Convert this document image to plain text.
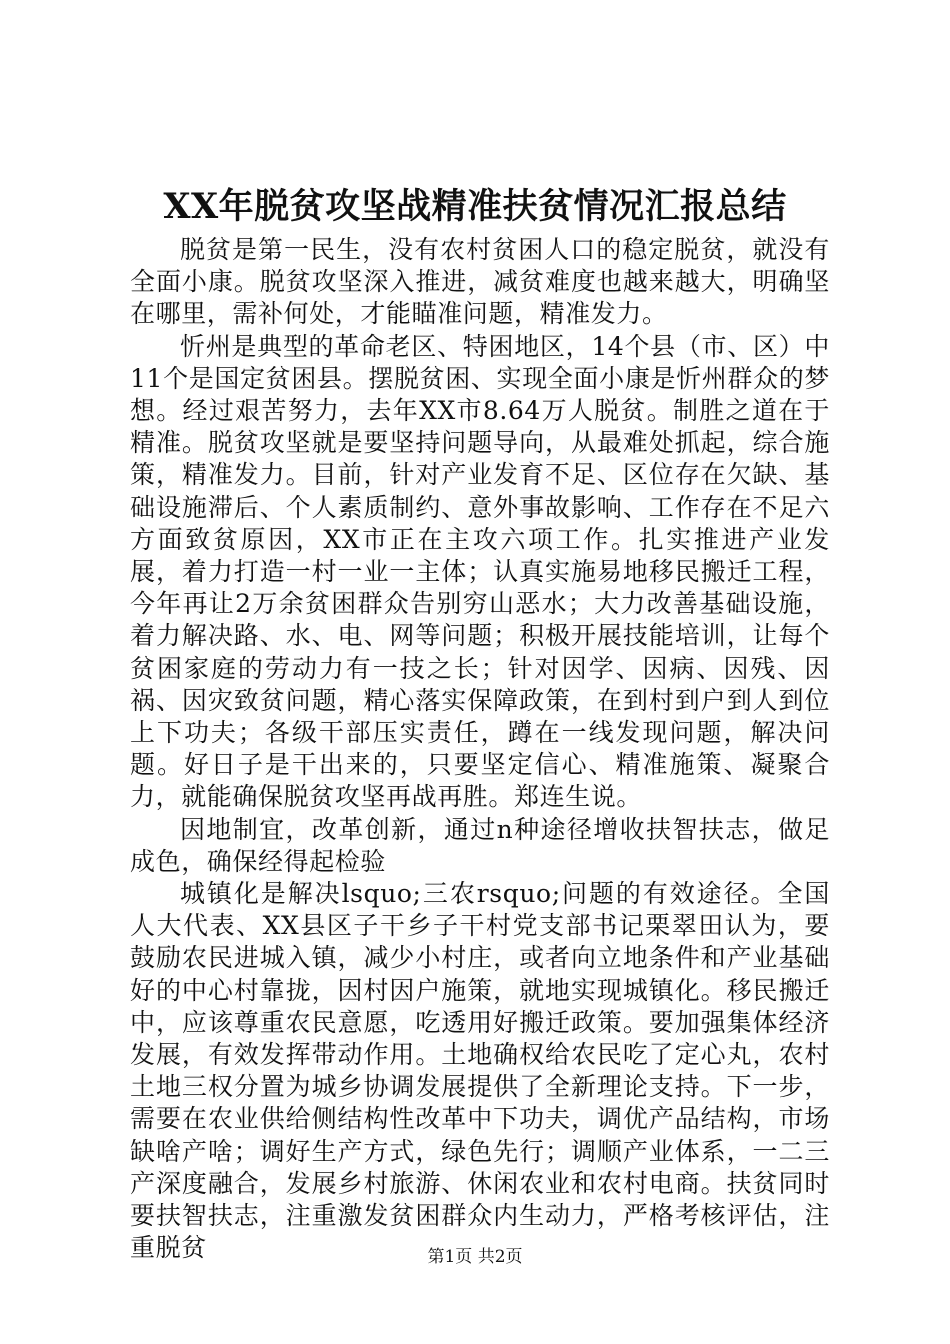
XX年脱贫攻坚战精准扶贫情况汇报总结

脱贫是第一民生，没有农村贫困人口的稳定脱贫，就没有全面小康。脱贫攻坚深入推进，减贫难度也越来越大，明确坚在哪里，需补何处，才能瞄准问题，精准发力。

忻州是典型的革命老区、特困地区，14个县（市、区）中11个是国定贫困县。摆脱贫困、实现全面小康是忻州群众的梦想。经过艰苦努力，去年XX市8.64万人脱贫。制胜之道在于精准。脱贫攻坚就是要坚持问题导向，从最难处抓起，综合施策，精准发力。目前，针对产业发育不足、区位存在欠缺、基础设施滞后、个人素质制约、意外事故影响、工作存在不足六方面致贫原因，XX市正在主攻六项工作。扎实推进产业发展，着力打造一村一业一主体；认真实施易地移民搬迁工程，今年再让2万余贫困群众告别穷山恶水；大力改善基础设施，着力解决路、水、电、网等问题；积极开展技能培训，让每个贫困家庭的劳动力有一技之长；针对因学、因病、因残、因祸、因灾致贫问题，精心落实保障政策，在到村到户到人到位上下功夫；各级干部压实责任，蹲在一线发现问题，解决问题。好日子是干出来的，只要坚定信心、精准施策、凝聚合力，就能确保脱贫攻坚再战再胜。郑连生说。

因地制宜，改革创新，通过n种途径增收扶智扶志，做足成色，确保经得起检验

城镇化是解决lsquo;三农rsquo;问题的有效途径。全国人大代表、XX县区子干乡子干村党支部书记栗翠田认为，要鼓励农民进城入镇，减少小村庄，或者向立地条件和产业基础好的中心村靠拢，因村因户施策，就地实现城镇化。移民搬迁中，应该尊重农民意愿，吃透用好搬迁政策。要加强集体经济发展，有效发挥带动作用。土地确权给农民吃了定心丸，农村土地三权分置为城乡协调发展提供了全新理论支持。下一步，需要在农业供给侧结构性改革中下功夫，调优产品结构，市场缺啥产啥；调好生产方式，绿色先行；调顺产业体系，一二三产深度融合，发展乡村旅游、休闲农业和农村电商。扶贫同时要扶智扶志，注重激发贫困群众内生动力，严格考核评估，注重脱贫	第1页 共2页
